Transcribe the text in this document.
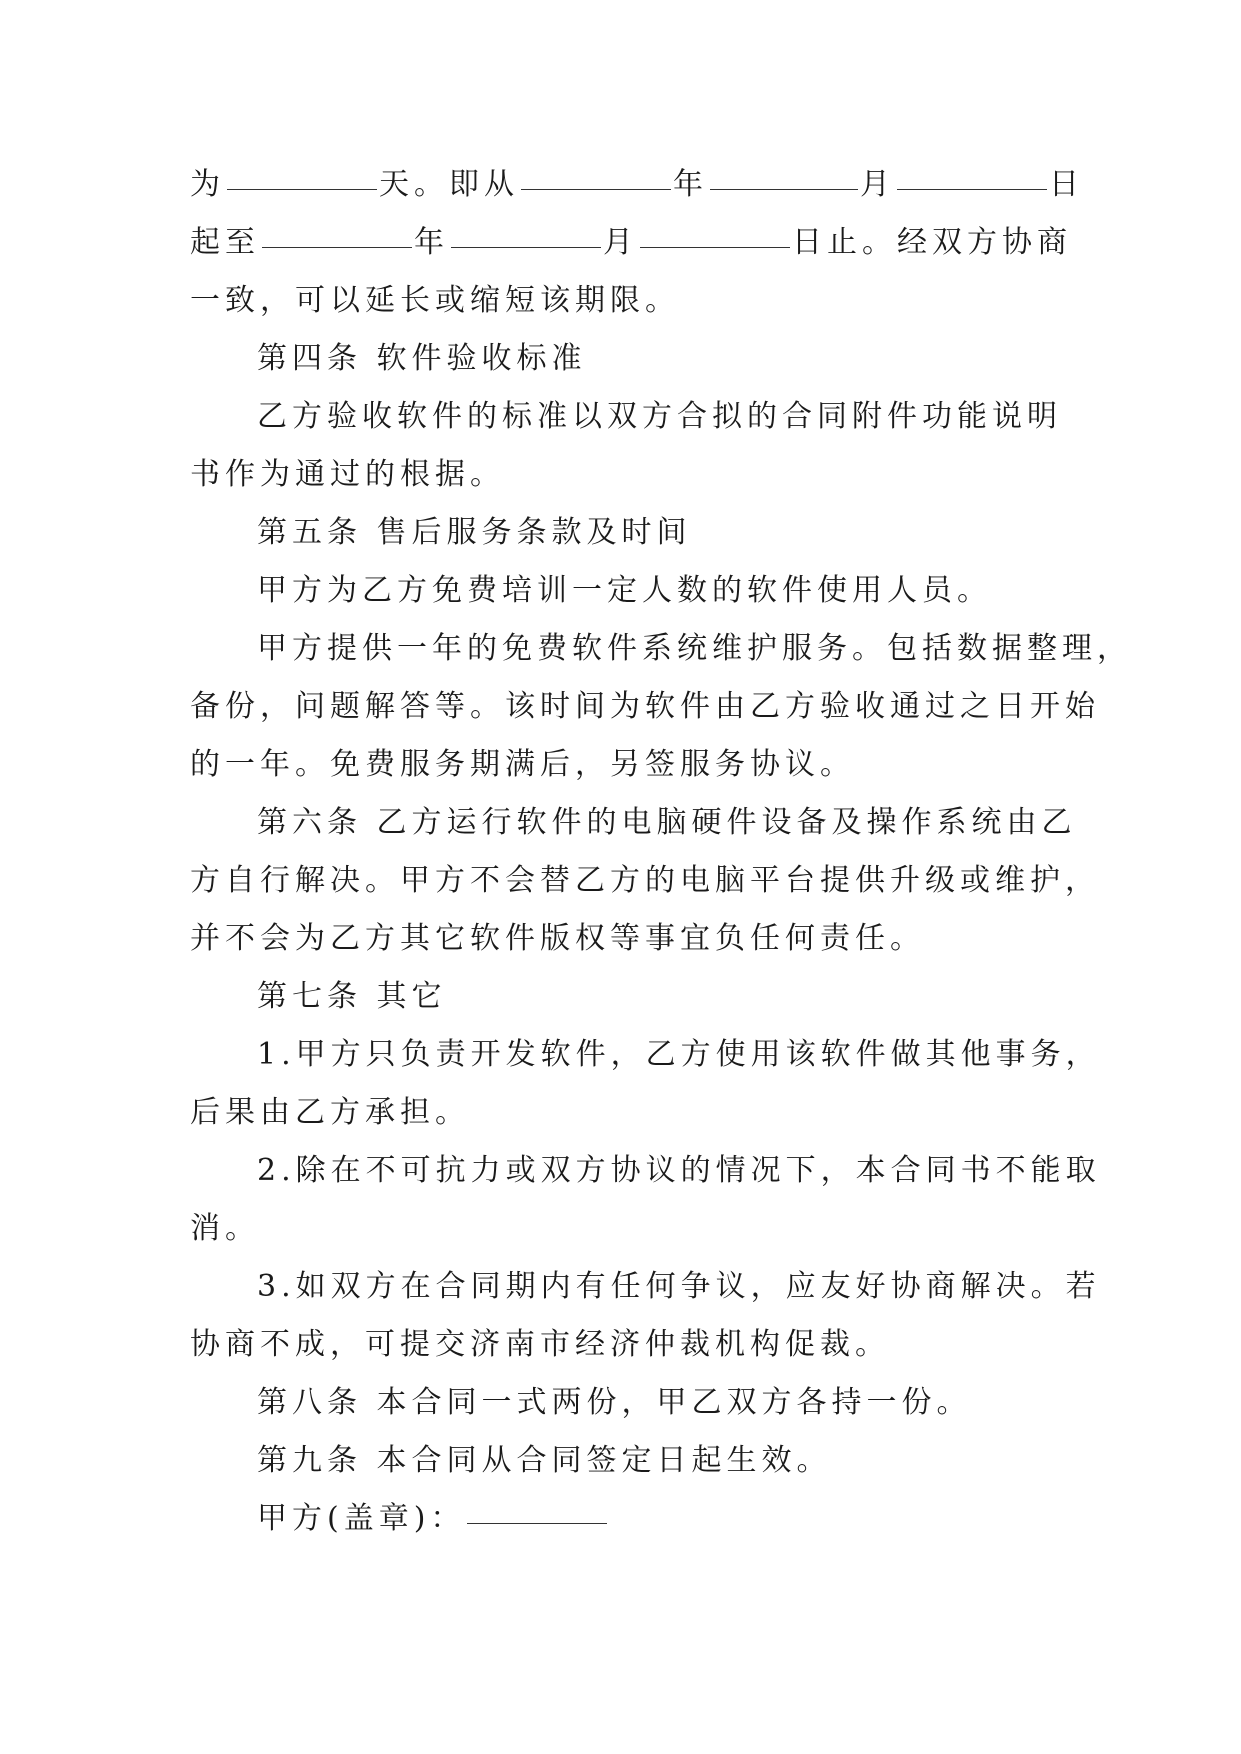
为	天。即从	年	月	日
起至	年	月	日止。经双方协商
一致，可以延长或缩短该期限。
第四条 软件验收标准
乙方验收软件的标准以双方合拟的合同附件功能说明
书作为通过的根据。
第五条 售后服务条款及时间
甲方为乙方免费培训一定人数的软件使用人员。
甲方提供一年的免费软件系统维护服务。包括数据整理，
备份，问题解答等。该时间为软件由乙方验收通过之日开始
的一年。免费服务期满后，另签服务协议。
第六条 乙方运行软件的电脑硬件设备及操作系统由乙
方自行解决。甲方不会替乙方的电脑平台提供升级或维护，
并不会为乙方其它软件版权等事宜负任何责任。
第七条 其它
1.甲方只负责开发软件，乙方使用该软件做其他事务，
后果由乙方承担。
2.除在不可抗力或双方协议的情况下，本合同书不能取
消。
3.如双方在合同期内有任何争议，应友好协商解决。若
协商不成，可提交济南市经济仲裁机构促裁。
第八条 本合同一式两份，甲乙双方各持一份。
第九条 本合同从合同签定日起生效。
甲方(盖章)：
